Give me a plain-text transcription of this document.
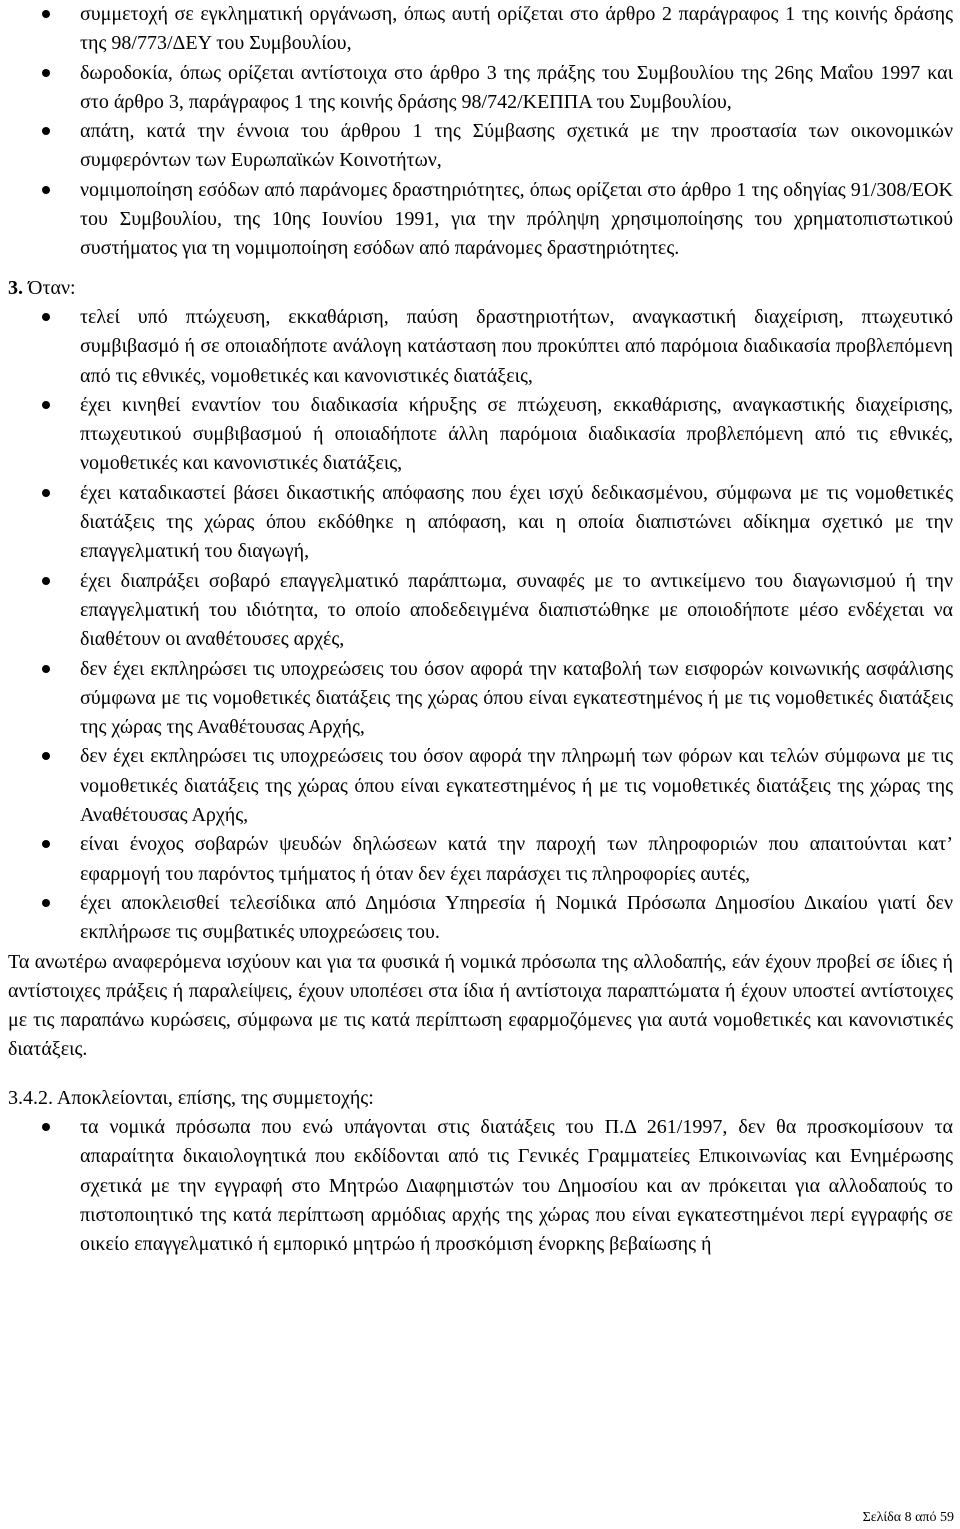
συμμετοχή σε εγκληματική οργάνωση, όπως αυτή ορίζεται στο άρθρο 2 παράγραφος 1 της κοινής δράσης της 98/773/ΔΕΥ του Συμβουλίου,
δωροδοκία, όπως ορίζεται αντίστοιχα στο άρθρο 3 της πράξης του Συμβουλίου της 26ης Μαΐου 1997 και στο άρθρο 3, παράγραφος 1 της κοινής δράσης 98/742/ΚΕΠΠΑ του Συμβουλίου,
απάτη, κατά την έννοια του άρθρου 1 της Σύμβασης σχετικά με την προστασία των οικονομικών συμφερόντων των Ευρωπαϊκών Κοινοτήτων,
νομιμοποίηση εσόδων από παράνομες δραστηριότητες, όπως ορίζεται στο άρθρο 1 της οδηγίας 91/308/ΕΟΚ του Συμβουλίου, της 10ης Ιουνίου 1991, για την πρόληψη χρησιμοποίησης του χρηματοπιστωτικού συστήματος για τη νομιμοποίηση εσόδων από παράνομες δραστηριότητες.

3. Όταν:

τελεί υπό πτώχευση, εκκαθάριση, παύση δραστηριοτήτων, αναγκαστική διαχείριση, πτωχευτικό συμβιβασμό ή σε οποιαδήποτε ανάλογη κατάσταση που προκύπτει από παρόμοια διαδικασία προβλεπόμενη από τις εθνικές, νομοθετικές και κανονιστικές διατάξεις,
έχει κινηθεί εναντίον του διαδικασία κήρυξης σε πτώχευση, εκκαθάρισης, αναγκαστικής διαχείρισης, πτωχευτικού συμβιβασμού ή οποιαδήποτε άλλη παρόμοια διαδικασία προβλεπόμενη από τις εθνικές, νομοθετικές και κανονιστικές διατάξεις,
έχει καταδικαστεί βάσει δικαστικής απόφασης που έχει ισχύ δεδικασμένου, σύμφωνα με τις νομοθετικές διατάξεις της χώρας όπου εκδόθηκε η απόφαση, και η οποία διαπιστώνει αδίκημα σχετικό με την επαγγελματική του διαγωγή,
έχει διαπράξει σοβαρό επαγγελματικό παράπτωμα, συναφές με το αντικείμενο του διαγωνισμού ή την επαγγελματική του ιδιότητα, το οποίο αποδεδειγμένα διαπιστώθηκε με οποιοδήποτε μέσο ενδέχεται να διαθέτουν οι αναθέτουσες αρχές,
δεν έχει εκπληρώσει τις υποχρεώσεις του όσον αφορά την καταβολή των εισφορών κοινωνικής ασφάλισης σύμφωνα με τις νομοθετικές διατάξεις της χώρας όπου είναι εγκατεστημένος ή με τις νομοθετικές διατάξεις της χώρας της Αναθέτουσας Αρχής,
δεν έχει εκπληρώσει τις υποχρεώσεις του όσον αφορά την πληρωμή των φόρων και τελών σύμφωνα με τις νομοθετικές διατάξεις της χώρας όπου είναι εγκατεστημένος ή με τις νομοθετικές διατάξεις της χώρας της Αναθέτουσας Αρχής,
είναι ένοχος σοβαρών ψευδών δηλώσεων κατά την παροχή των πληροφοριών που απαιτούνται κατ’ εφαρμογή του παρόντος τμήματος ή όταν δεν έχει παράσχει τις πληροφορίες αυτές,
έχει αποκλεισθεί τελεσίδικα από Δημόσια Υπηρεσία ή Νομικά Πρόσωπα Δημοσίου Δικαίου γιατί δεν εκπλήρωσε τις συμβατικές υποχρεώσεις του.

Τα ανωτέρω αναφερόμενα ισχύουν και για τα φυσικά ή νομικά πρόσωπα της αλλοδαπής, εάν έχουν προβεί σε ίδιες ή αντίστοιχες πράξεις ή παραλείψεις, έχουν υποπέσει στα ίδια ή αντίστοιχα παραπτώματα ή έχουν υποστεί αντίστοιχες με τις παραπάνω κυρώσεις, σύμφωνα με τις κατά περίπτωση εφαρμοζόμενες για αυτά νομοθετικές και κανονιστικές διατάξεις.

3.4.2. Αποκλείονται, επίσης, της συμμετοχής:

τα νομικά πρόσωπα που ενώ υπάγονται στις διατάξεις του Π.Δ 261/1997, δεν θα προσκομίσουν τα απαραίτητα δικαιολογητικά που εκδίδονται από τις Γενικές Γραμματείες Επικοινωνίας και Ενημέρωσης σχετικά με την εγγραφή στο Μητρώο Διαφημιστών του Δημοσίου και αν πρόκειται για αλλοδαπούς το πιστοποιητικό της κατά περίπτωση αρμόδιας αρχής της χώρας που είναι εγκατεστημένοι περί εγγραφής σε οικείο επαγγελματικό ή εμπορικό μητρώο ή προσκόμιση ένορκης βεβαίωσης ή
Σελίδα 8 από 59
